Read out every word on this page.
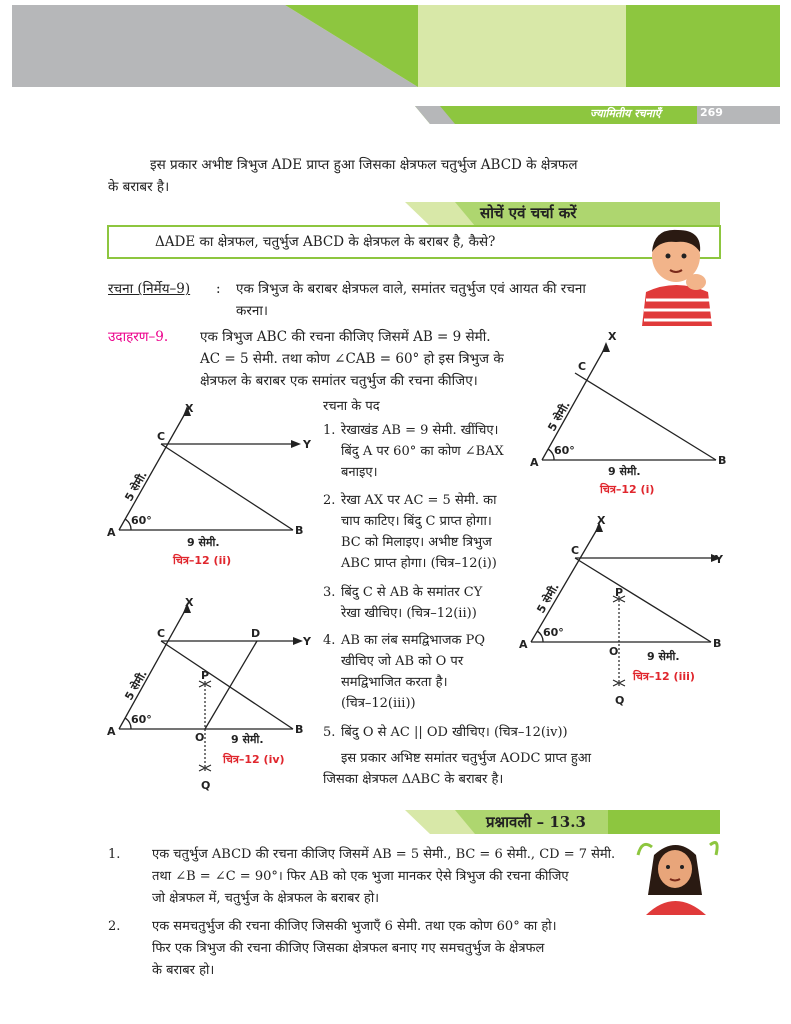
ज्यामितीय रचनाएँ	269
इस प्रकार अभीष्ट त्रिभुज ADE प्राप्त हुआ जिसका क्षेत्रफल चतुर्भुज ABCD के क्षेत्रफल
के बराबर है।
सोचें एवं चर्चा करें
ΔADE का क्षेत्रफल, चतुर्भुज ABCD के क्षेत्रफल के बराबर है, कैसे?
रचना (निर्मेय–9) : एक त्रिभुज के बराबर क्षेत्रफल वाले, समांतर चतुर्भुज एवं आयत की रचना
करना।
उदाहरण–9. एक त्रिभुज ABC की रचना कीजिए जिसमें AB = 9 सेमी.
AC = 5 सेमी. तथा कोण ∠CAB = 60° हो इस त्रिभुज के
क्षेत्रफल के बराबर एक समांतर चतुर्भुज की रचना कीजिए।
X
C
A	B
60°
9 सेमी.
5 सेमी.
चित्र–12 (i)
X
Y
C
A	B
60°
9 सेमी.
5 सेमी.
चित्र–12 (ii)
रचना के पद
1. रेखाखंड AB = 9 सेमी. खींचिए।
बिंदु A पर 60° का कोण ∠BAX
बनाइए।
2. रेखा AX पर AC = 5 सेमी. का
चाप काटिए। बिंदु C प्राप्त होगा।
BC को मिलाइए। अभीष्ट त्रिभुज
ABC प्राप्त होगा। (चित्र–12(i))
3. बिंदु C से AB के समांतर CY
रेखा खीचिए। (चित्र–12(ii))
4. AB का लंब समद्विभाजक PQ
खीचिए जो AB को O पर
समद्विभाजित करता है।
(चित्र–12(iii))
5. बिंदु O से AC || OD खीचिए। (चित्र–12(iv))
इस प्रकार अभिष्ट समांतर चतुर्भुज AODC प्राप्त हुआ
जिसका क्षेत्रफल ΔABC के बराबर है।
X
Y
C
A	B
P
O
Q
60°
9 सेमी.
5 सेमी.
चित्र–12 (iii)
X
Y
C	D
A	B
P
O
Q
60°
9 सेमी.
5 सेमी.
चित्र–12 (iv)
प्रश्नावली – 13.3
1. एक चतुर्भुज ABCD की रचना कीजिए जिसमें AB = 5 सेमी., BC = 6 सेमी., CD = 7 सेमी.
तथा ∠B = ∠C = 90°। फिर AB को एक भुजा मानकर ऐसे त्रिभुज की रचना कीजिए
जो क्षेत्रफल में, चतुर्भुज के क्षेत्रफल के बराबर हो।
2. एक समचतुर्भुज की रचना कीजिए जिसकी भुजाएँ 6 सेमी. तथा एक कोण 60° का हो।
फिर एक त्रिभुज की रचना कीजिए जिसका क्षेत्रफल बनाए गए समचतुर्भुज के क्षेत्रफल
के बराबर हो।
